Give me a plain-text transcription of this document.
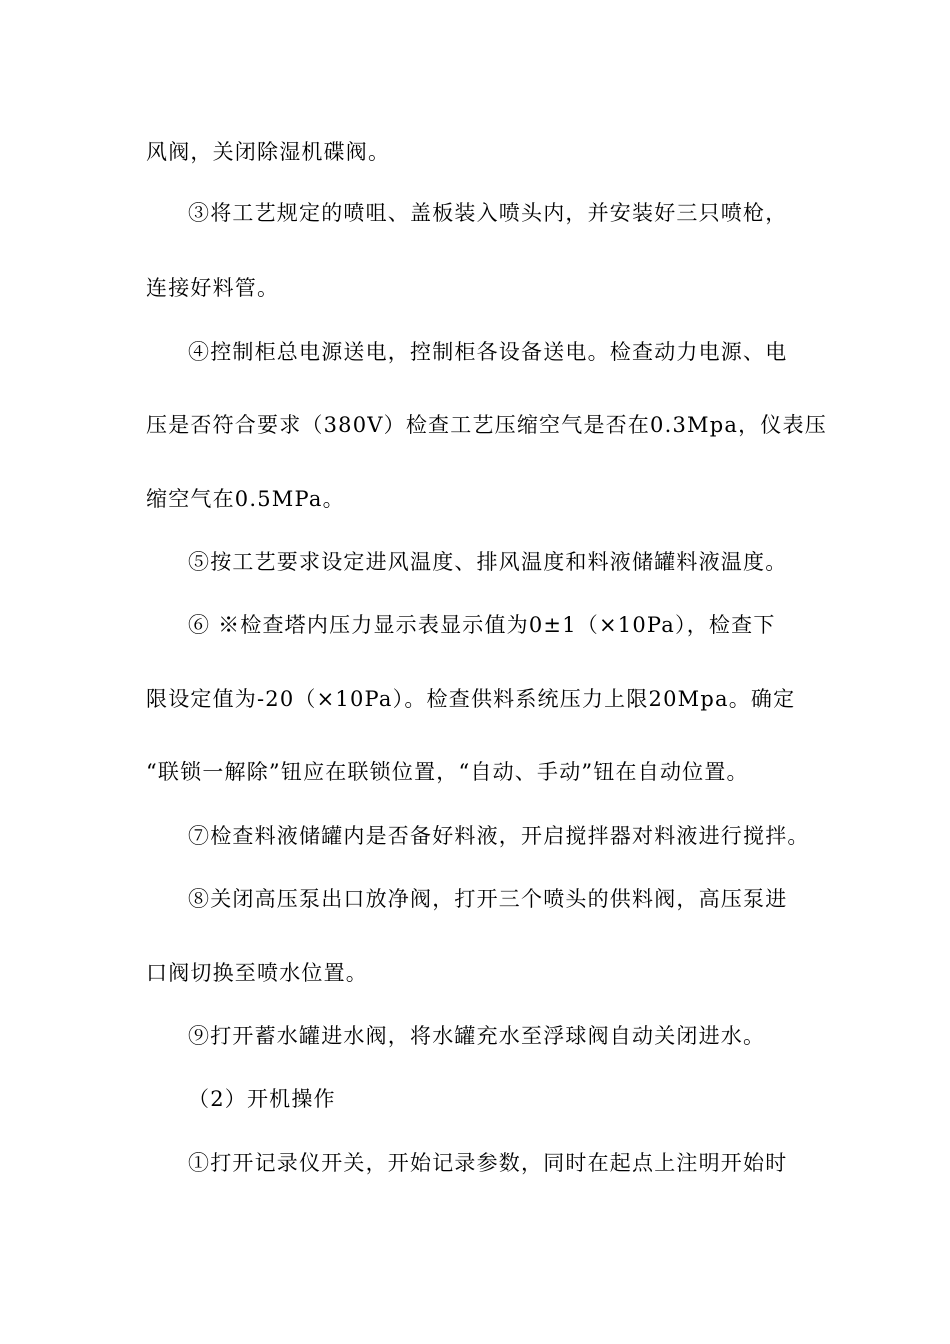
风阀，关闭除湿机碟阀。
③将工艺规定的喷咀、盖板装入喷头内，并安装好三只喷枪，
连接好料管。
④控制柜总电源送电，控制柜各设备送电。检查动力电源、电
压是否符合要求（380V）检查工艺压缩空气是否在0.3Mpa，仪表压
缩空气在0.5MPa。
⑤按工艺要求设定进风温度、排风温度和料液储罐料液温度。
⑥ ※检查塔内压力显示表显示值为0±1（×10Pa），检查下
限设定值为-20（×10Pa）。检查供料系统压力上限20Mpa。确定
“联锁一解除”钮应在联锁位置，“自动、手动”钮在自动位置。
⑦检查料液储罐内是否备好料液，开启搅拌器对料液进行搅拌。
⑧关闭高压泵出口放净阀，打开三个喷头的供料阀，高压泵进
口阀切换至喷水位置。
⑨打开蓄水罐进水阀，将水罐充水至浮球阀自动关闭进水。
（2）开机操作
①打开记录仪开关，开始记录参数，同时在起点上注明开始时
